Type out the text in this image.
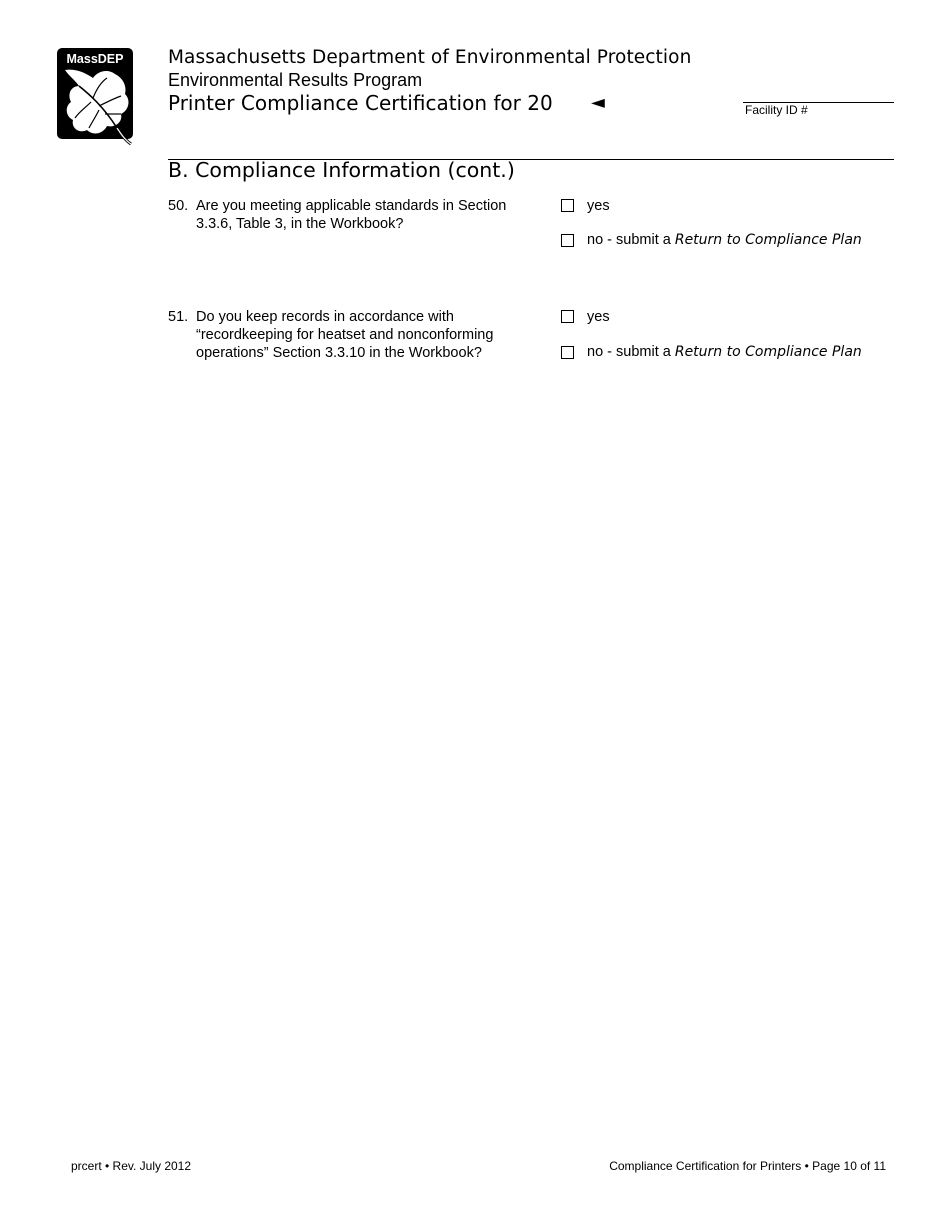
MassDEP Massachusetts Department of Environmental Protection
Environmental Results Program
Printer Compliance Certification for 20 ◄	Facility ID #
B. Compliance Information (cont.)
50. Are you meeting applicable standards in Section
3.3.6, Table 3, in the Workbook?
yes
no - submit a Return to Compliance Plan
51. Do you keep records in accordance with
“recordkeeping for heatset and nonconforming
operations” Section 3.3.10 in the Workbook?
yes
no - submit a Return to Compliance Plan
prcert • Rev. July 2012	Compliance Certification for Printers • Page 10 of 11
